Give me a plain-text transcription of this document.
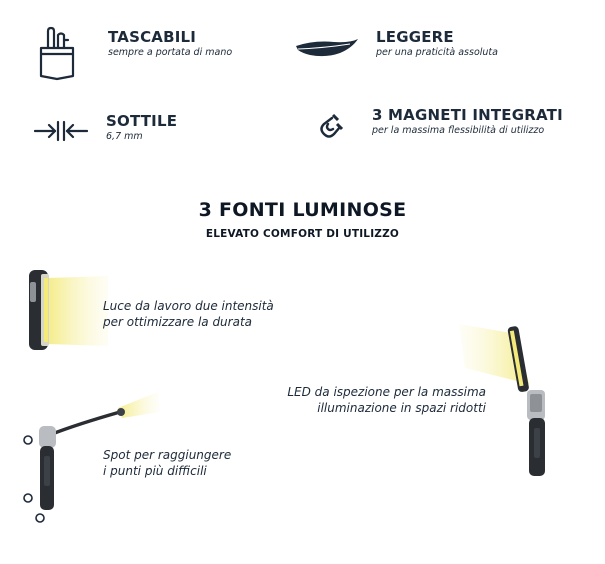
TASCABILI
sempre a portata di mano
LEGGERE
per una praticità assoluta
SOTTILE
6,7 mm
3 MAGNETI INTEGRATI
per la massima flessibilità di utilizzo
3 FONTI LUMINOSE
ELEVATO COMFORT DI UTILIZZO
Luce da lavoro due intensità
per ottimizzare la durata
LED da ispezione per la massima
illuminazione in spazi ridotti
Spot per raggiungere
i punti più difficili
